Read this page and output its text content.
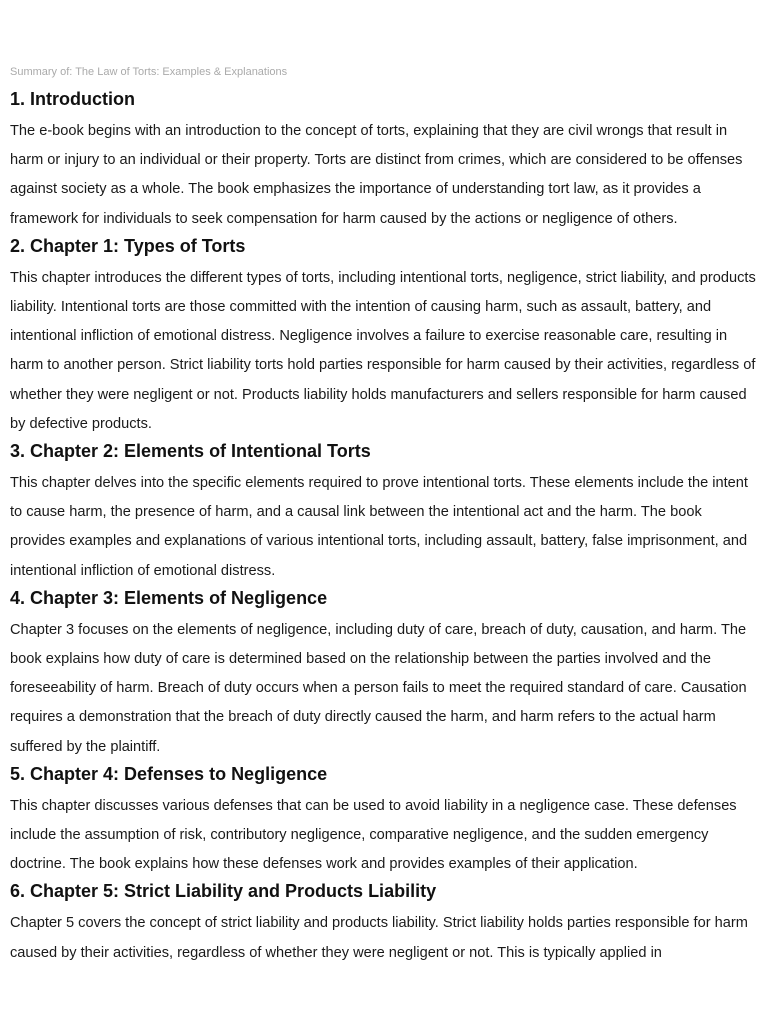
Summary of: The Law of Torts: Examples & Explanations
1. Introduction
The e-book begins with an introduction to the concept of torts, explaining that they are civil wrongs that result in harm or injury to an individual or their property. Torts are distinct from crimes, which are considered to be offenses against society as a whole. The book emphasizes the importance of understanding tort law, as it provides a framework for individuals to seek compensation for harm caused by the actions or negligence of others.
2. Chapter 1: Types of Torts
This chapter introduces the different types of torts, including intentional torts, negligence, strict liability, and products liability. Intentional torts are those committed with the intention of causing harm, such as assault, battery, and intentional infliction of emotional distress. Negligence involves a failure to exercise reasonable care, resulting in harm to another person. Strict liability torts hold parties responsible for harm caused by their activities, regardless of whether they were negligent or not. Products liability holds manufacturers and sellers responsible for harm caused by defective products.
3. Chapter 2: Elements of Intentional Torts
This chapter delves into the specific elements required to prove intentional torts. These elements include the intent to cause harm, the presence of harm, and a causal link between the intentional act and the harm. The book provides examples and explanations of various intentional torts, including assault, battery, false imprisonment, and intentional infliction of emotional distress.
4. Chapter 3: Elements of Negligence
Chapter 3 focuses on the elements of negligence, including duty of care, breach of duty, causation, and harm. The book explains how duty of care is determined based on the relationship between the parties involved and the foreseeability of harm. Breach of duty occurs when a person fails to meet the required standard of care. Causation requires a demonstration that the breach of duty directly caused the harm, and harm refers to the actual harm suffered by the plaintiff.
5. Chapter 4: Defenses to Negligence
This chapter discusses various defenses that can be used to avoid liability in a negligence case. These defenses include the assumption of risk, contributory negligence, comparative negligence, and the sudden emergency doctrine. The book explains how these defenses work and provides examples of their application.
6. Chapter 5: Strict Liability and Products Liability
Chapter 5 covers the concept of strict liability and products liability. Strict liability holds parties responsible for harm caused by their activities, regardless of whether they were negligent or not. This is typically applied in
